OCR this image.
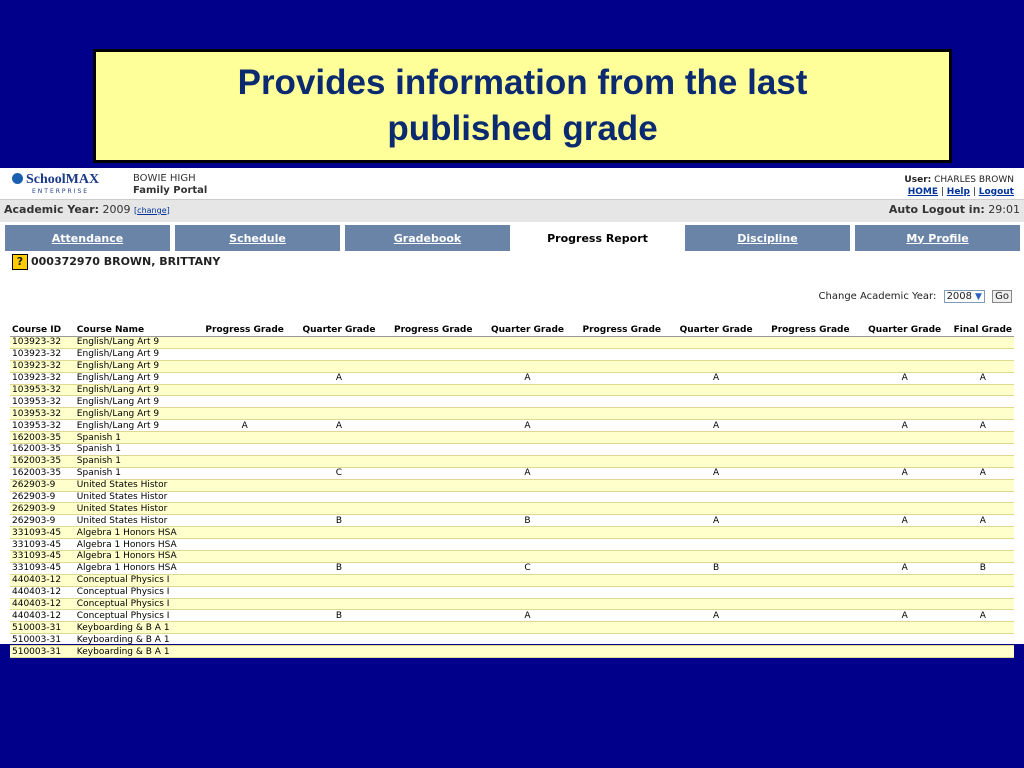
Provides information from the last published grade
SchoolMAX
ENTERPRISE
BOWIE HIGH
Family Portal
User: CHARLES BROWN
HOME | Help | Logout
Academic Year: 2009 [change]	Auto Logout in: 29:01
Attendance	Schedule	Gradebook	Progress Report	Discipline	My Profile
? 000372970 BROWN, BRITTANY
Change Academic Year: 2008 ▼ Go
Course ID	Course Name	Progress Grade	Quarter Grade	Progress Grade	Quarter Grade	Progress Grade	Quarter Grade	Progress Grade	Quarter Grade	Final Grade
103923-32	English/Lang Art 9									
103923-32	English/Lang Art 9									
103923-32	English/Lang Art 9									
103923-32	English/Lang Art 9		A		A		A		A	A
103953-32	English/Lang Art 9									
103953-32	English/Lang Art 9									
103953-32	English/Lang Art 9									
103953-32	English/Lang Art 9	A	A		A		A		A	A
162003-35	Spanish 1									
162003-35	Spanish 1									
162003-35	Spanish 1									
162003-35	Spanish 1		C		A		A		A	A
262903-9	United States Histor									
262903-9	United States Histor									
262903-9	United States Histor									
262903-9	United States Histor		B		B		A		A	A
331093-45	Algebra 1 Honors HSA									
331093-45	Algebra 1 Honors HSA									
331093-45	Algebra 1 Honors HSA									
331093-45	Algebra 1 Honors HSA		B		C		B		A	B
440403-12	Conceptual Physics I									
440403-12	Conceptual Physics I									
440403-12	Conceptual Physics I									
440403-12	Conceptual Physics I		B		A		A		A	A
510003-31	Keyboarding & B A 1									
510003-31	Keyboarding & B A 1									
510003-31	Keyboarding & B A 1									
